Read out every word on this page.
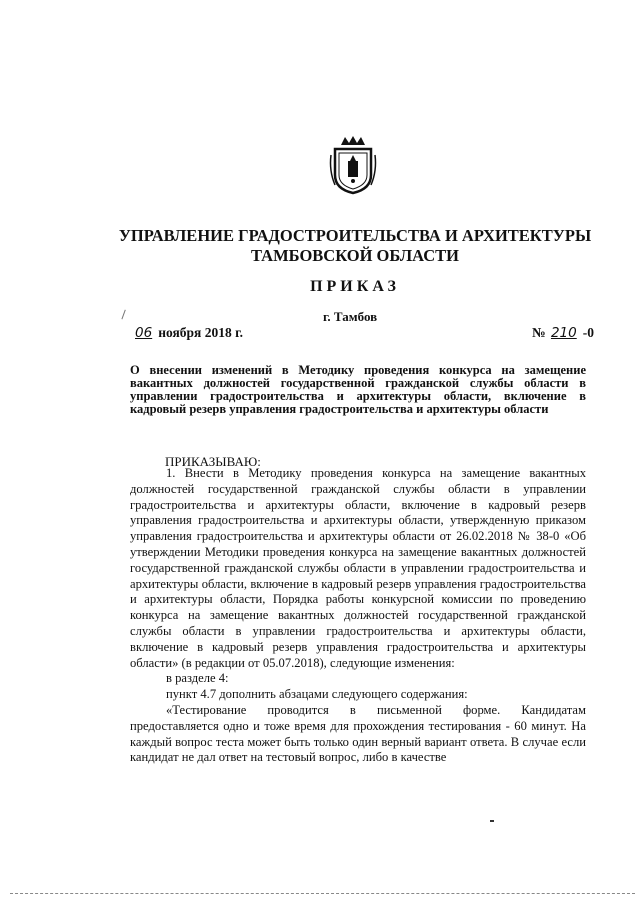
УПРАВЛЕНИЕ ГРАДОСТРОИТЕЛЬСТВА И АРХИТЕКТУРЫ
ТАМБОВСКОЙ ОБЛАСТИ
ПРИКАЗ
г. Тамбов
06 ноября 2018 г.	№ 210 -0
О внесении изменений в Методику проведения конкурса на замещение вакантных должностей государственной гражданской службы области в управлении градостроительства и архитектуры области, включение в кадровый резерв управления градостроительства и архитектуры области
ПРИКАЗЫВАЮ:

1. Внести в Методику проведения конкурса на замещение вакантных должностей государственной гражданской службы области в управлении градостроительства и архитектуры области, включение в кадровый резерв управления градостроительства и архитектуры области, утвержденную приказом управления градостроительства и архитектуры области от 26.02.2018 № 38-0 «Об утверждении Методики проведения конкурса на замещение вакантных должностей государственной гражданской службы области в управлении градостроительства и архитектуры области, включение в кадровый резерв управления градостроительства и архитектуры области, Порядка работы конкурсной комиссии по проведению конкурса на замещение вакантных должностей государственной гражданской службы области в управлении градостроительства и архитектуры области, включение в кадровый резерв управления градостроительства и архитектуры области» (в редакции от 05.07.2018), следующие изменения:

в разделе 4:

пункт 4.7 дополнить абзацами следующего содержания:

«Тестирование проводится в письменной форме. Кандидатам предоставляется одно и тоже время для прохождения тестирования - 60 минут. На каждый вопрос теста может быть только один верный вариант ответа. В случае если кандидат не дал ответ на тестовый вопрос, либо в качестве
